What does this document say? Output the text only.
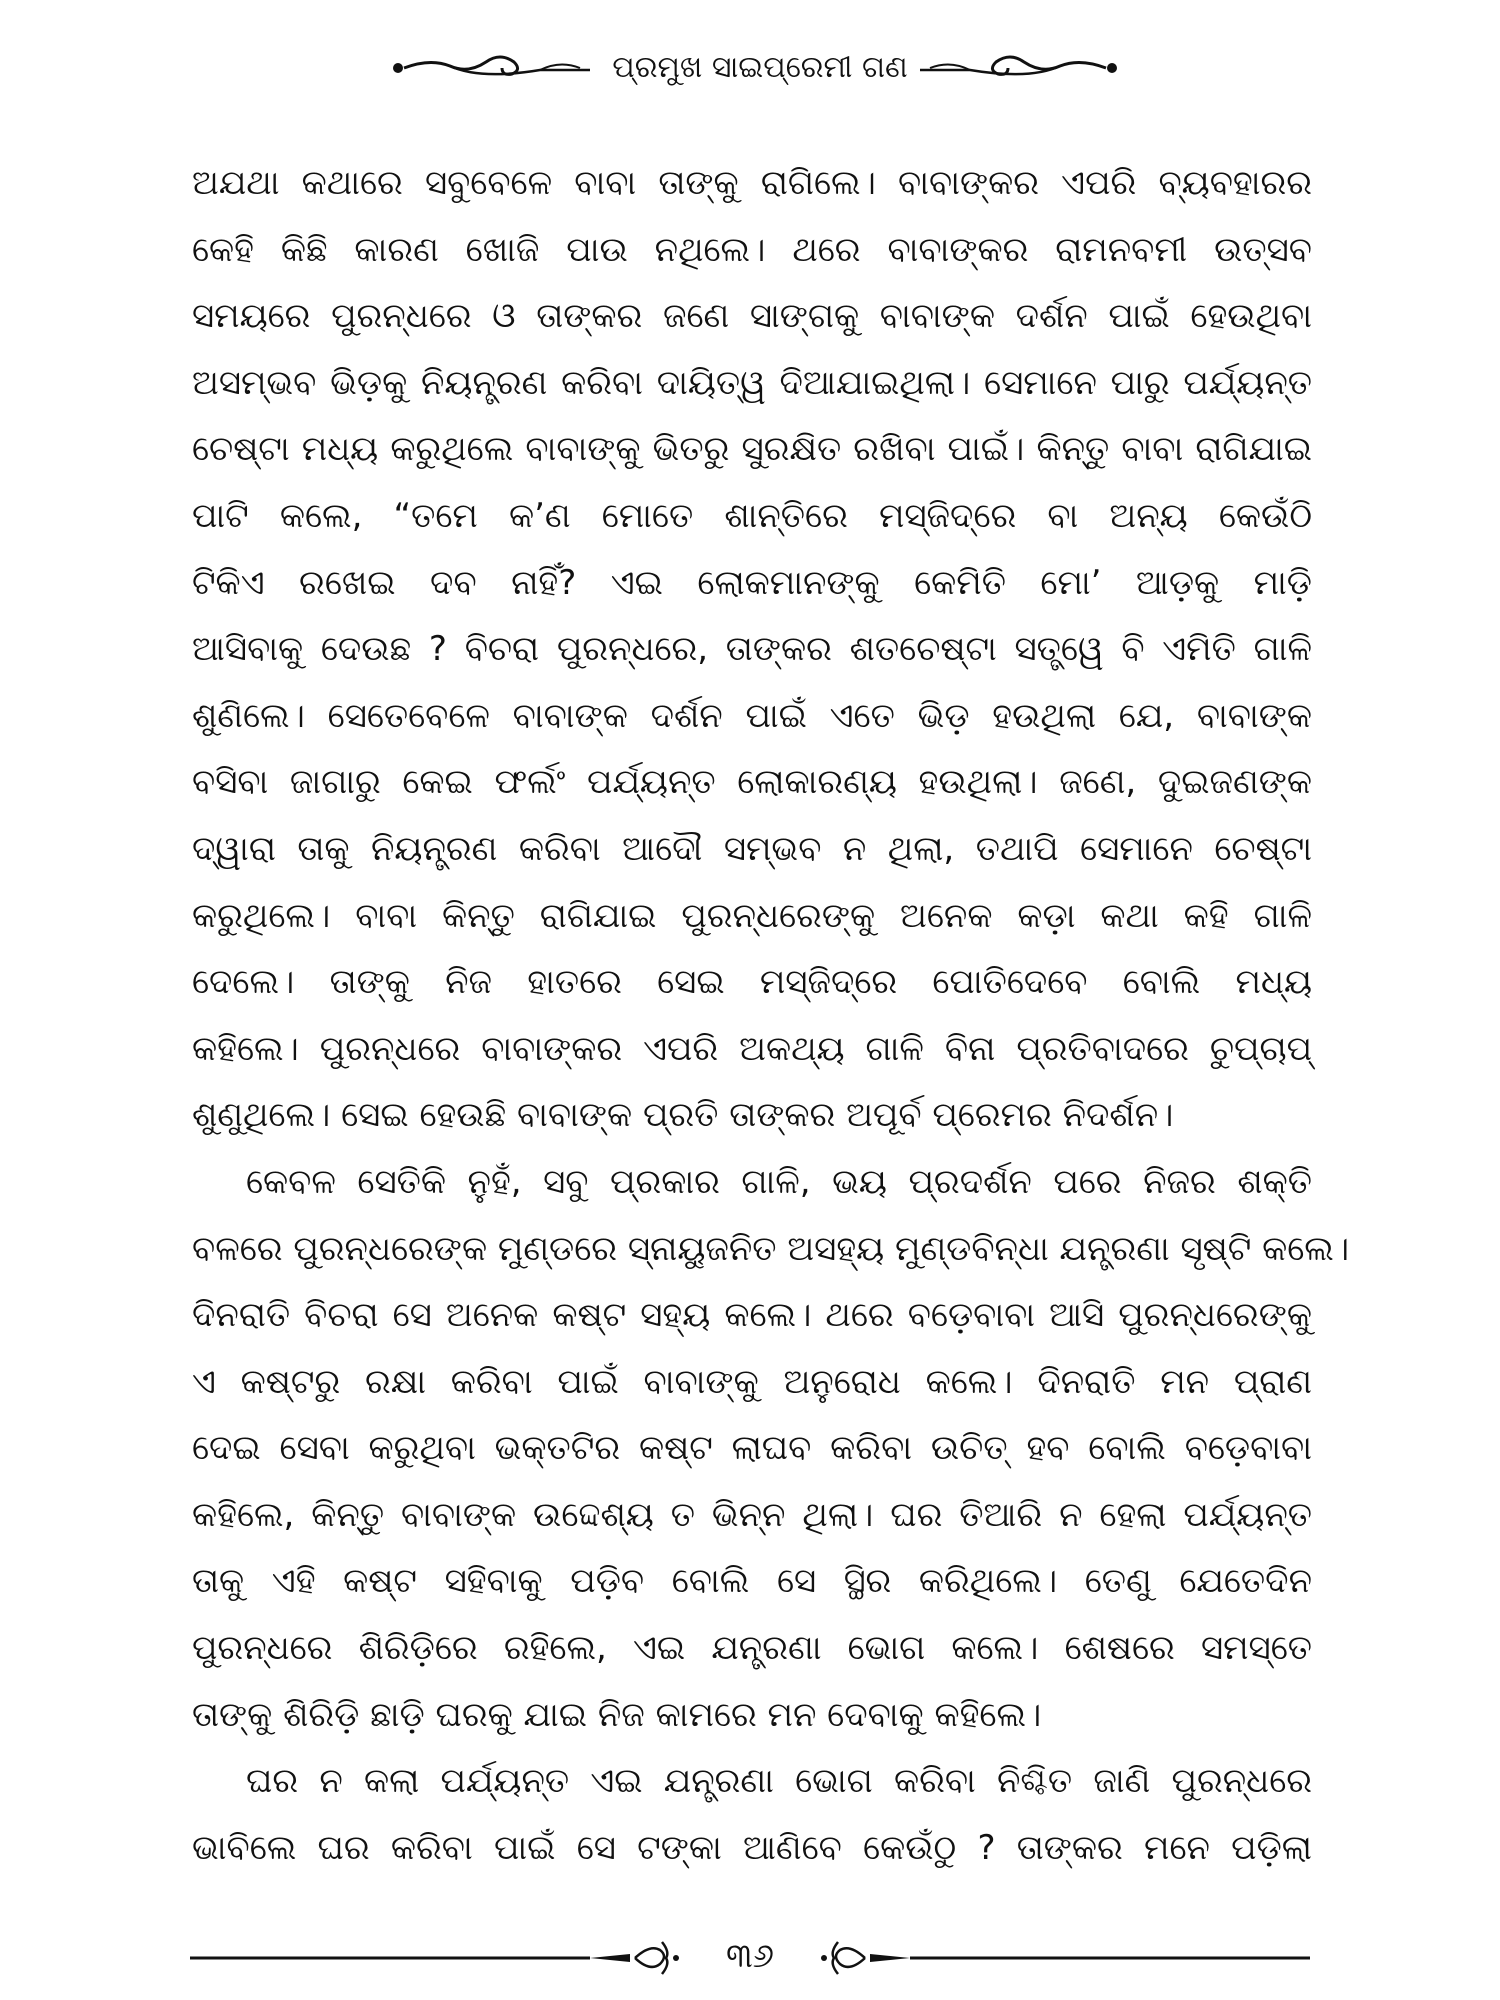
ପ୍ରମୁଖ ସାଇପ୍ରେମୀ ଗଣ
ଅଯଥା କଥାରେ ସବୁବେଳେ ବାବା ତାଙ୍କୁ ରାଗିଲେ। ବାବାଙ୍କର ଏପରି ବ୍ୟବହାରର
କେହି କିଛି କାରଣ ଖୋଜି ପାଉ ନଥିଲେ। ଥରେ ବାବାଙ୍କର ରାମନବମୀ ଉତ୍ସବ
ସମୟରେ ପୁରନ୍ଧରେ ଓ ତାଙ୍କର ଜଣେ ସାଙ୍ଗକୁ ବାବାଙ୍କ ଦର୍ଶନ ପାଇଁ ହେଉଥିବା
ଅସମ୍ଭବ ଭିଡ଼କୁ ନିୟନ୍ତ୍ରଣ କରିବା ଦାୟିତ୍ୱ ଦିଆଯାଇଥିଲା। ସେମାନେ ପାରୁ ପର୍ଯ୍ୟନ୍ତ
ଚେଷ୍ଟା ମଧ୍ୟ କରୁଥିଲେ ବାବାଙ୍କୁ ଭିତରୁ ସୁରକ୍ଷିତ ରଖିବା ପାଇଁ। କିନ୍ତୁ ବାବା ରାଗିଯାଇ
ପାଟି କଲେ, “ତମେ କ’ଣ ମୋତେ ଶାନ୍ତିରେ ମସ୍‌ଜିଦ୍‌ରେ ବା ଅନ୍ୟ କେଉଁଠି
ଟିକିଏ ରଖେଇ ଦବ ନାହିଁ? ଏଇ ଲୋକମାନଙ୍କୁ କେମିତି ମୋ’ ଆଡ଼କୁ ମାଡ଼ି
ଆସିବାକୁ ଦେଉଛ ? ବିଚରା ପୁରନ୍ଧରେ, ତାଙ୍କର ଶତଚେଷ୍ଟା ସତ୍ତ୍ୱେ ବି ଏମିତି ଗାଳି
ଶୁଣିଲେ। ସେତେବେଳେ ବାବାଙ୍କ ଦର୍ଶନ ପାଇଁ ଏତେ ଭିଡ଼ ହଉଥିଲା ଯେ, ବାବାଙ୍କ
ବସିବା ଜାଗାରୁ କେଇ ଫର୍ଲଂ ପର୍ଯ୍ୟନ୍ତ ଲୋକାରଣ୍ୟ ହଉଥିଲା। ଜଣେ, ଦୁଇଜଣଙ୍କ
ଦ୍ୱାରା ତାକୁ ନିୟନ୍ତ୍ରଣ କରିବା ଆଦୌ ସମ୍ଭବ ନ ଥିଲା, ତଥାପି ସେମାନେ ଚେଷ୍ଟା
କରୁଥିଲେ। ବାବା କିନ୍ତୁ ରାଗିଯାଇ ପୁରନ୍ଧରେଙ୍କୁ ଅନେକ କଡ଼ା କଥା କହି ଗାଳି
ଦେଲେ। ତାଙ୍କୁ ନିଜ ହାତରେ ସେଇ ମସ୍‌ଜିଦ୍‌ରେ ପୋତିଦେବେ ବୋଲି ମଧ୍ୟ
କହିଲେ। ପୁରନ୍ଧରେ ବାବାଙ୍କର ଏପରି ଅକଥ୍ୟ ଗାଳି ବିନା ପ୍ରତିବାଦରେ ଚୁପ୍‌ଚାପ୍
ଶୁଣୁଥିଲେ। ସେଇ ହେଉଛି ବାବାଙ୍କ ପ୍ରତି ତାଙ୍କର ଅପୂର୍ବ ପ୍ରେମର ନିଦର୍ଶନ।
କେବଳ ସେତିକି ନୁହଁ, ସବୁ ପ୍ରକାର ଗାଳି, ଭୟ ପ୍ରଦର୍ଶନ ପରେ ନିଜର ଶକ୍ତି
ବଳରେ ପୁରନ୍ଧରେଙ୍କ ମୁଣ୍ଡରେ ସ୍ନାୟୁଜନିତ ଅସହ୍ୟ ମୁଣ୍ଡବିନ୍ଧା ଯନ୍ତ୍ରଣା ସୃଷ୍ଟି କଲେ।
ଦିନରାତି ବିଚରା ସେ ଅନେକ କଷ୍ଟ ସହ୍ୟ କଲେ। ଥରେ ବଡ଼େବାବା ଆସି ପୁରନ୍ଧରେଙ୍କୁ
ଏ କଷ୍ଟରୁ ରକ୍ଷା କରିବା ପାଇଁ ବାବାଙ୍କୁ ଅନୁରୋଧ କଲେ। ଦିନରାତି ମନ ପ୍ରାଣ
ଦେଇ ସେବା କରୁଥିବା ଭକ୍ତଟିର କଷ୍ଟ ଲାଘବ କରିବା ଉଚିତ୍ ହବ ବୋଲି ବଡ଼େବାବା
କହିଲେ, କିନ୍ତୁ ବାବାଙ୍କ ଉଦ୍ଦେଶ୍ୟ ତ ଭିନ୍ନ ଥିଲା। ଘର ତିଆରି ନ ହେଲା ପର୍ଯ୍ୟନ୍ତ
ତାକୁ ଏହି କଷ୍ଟ ସହିବାକୁ ପଡ଼ିବ ବୋଲି ସେ ସ୍ଥିର କରିଥିଲେ। ତେଣୁ ଯେତେଦିନ
ପୁରନ୍ଧରେ ଶିରିଡ଼ିରେ ରହିଲେ, ଏଇ ଯନ୍ତ୍ରଣା ଭୋଗ କଲେ। ଶେଷରେ ସମସ୍ତେ
ତାଙ୍କୁ ଶିରିଡ଼ି ଛାଡ଼ି ଘରକୁ ଯାଇ ନିଜ କାମରେ ମନ ଦେବାକୁ କହିଲେ।
ଘର ନ କଲା ପର୍ଯ୍ୟନ୍ତ ଏଇ ଯନ୍ତ୍ରଣା ଭୋଗ କରିବା ନିଶ୍ଚିତ ଜାଣି ପୁରନ୍ଧରେ
ଭାବିଲେ ଘର କରିବା ପାଇଁ ସେ ଟଙ୍କା ଆଣିବେ କେଉଁଠୁ ? ତାଙ୍କର ମନେ ପଡ଼ିଲା
୩୬
